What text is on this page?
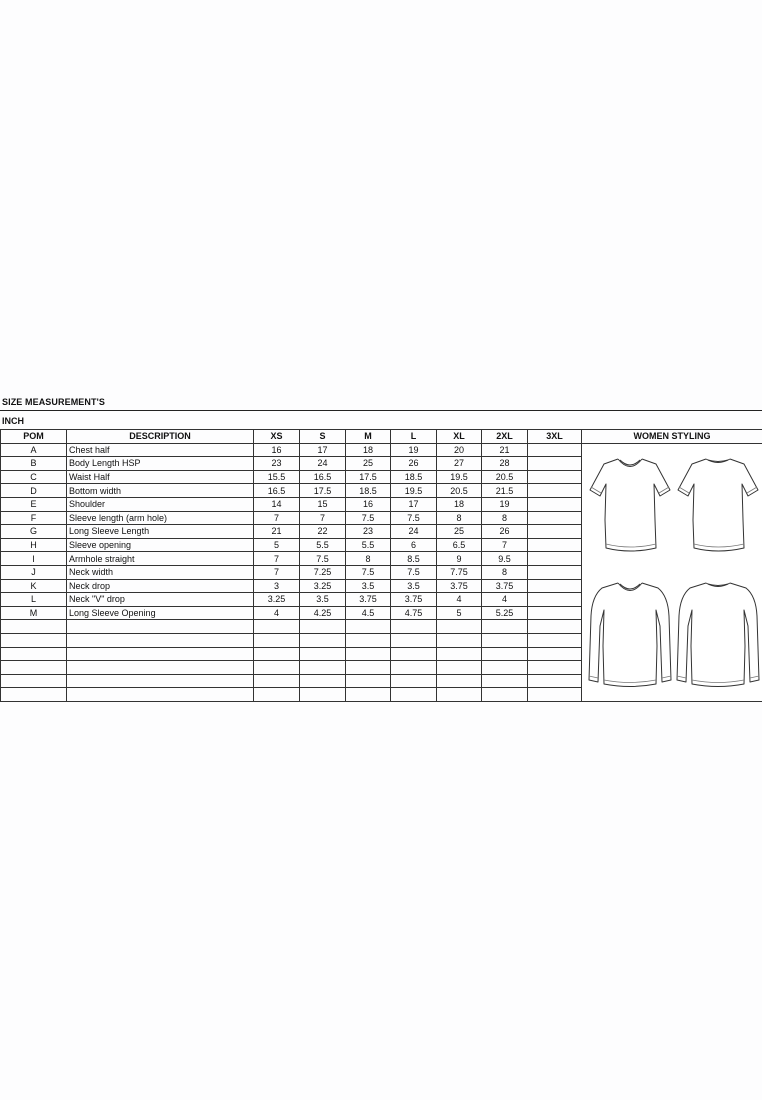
SIZE MEASUREMENT'S
INCH
POM	DESCRIPTION	XS	S	M	L	XL	2XL	3XL	WOMEN STYLING
A	Chest half	16	17	18	19	20	21		

B	Body Length HSP	23	24	25	26	27	28		
C	Waist Half	15.5	16.5	17.5	18.5	19.5	20.5		
D	Bottom width	16.5	17.5	18.5	19.5	20.5	21.5		
E	Shoulder	14	15	16	17	18	19		
F	Sleeve length (arm hole)	7	7	7.5	7.5	8	8		
G	Long Sleeve Length	21	22	23	24	25	26		
H	Sleeve opening	5	5.5	5.5	6	6.5	7		
I	Armhole straight	7	7.5	8	8.5	9	9.5		
J	Neck width	7	7.25	7.5	7.5	7.75	8		
K	Neck drop	3	3.25	3.5	3.5	3.75	3.75		
L	Neck "V" drop	3.25	3.5	3.75	3.75	4	4		
M	Long Sleeve Opening	4	4.25	4.5	4.75	5	5.25		
